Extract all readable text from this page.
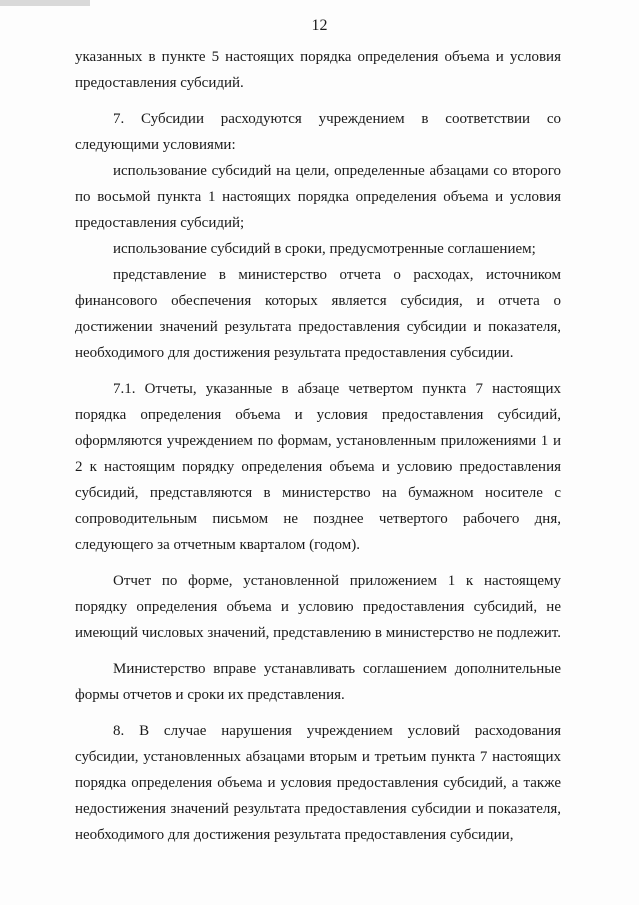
12

указанных в пункте 5 настоящих порядка определения объема и условия предоставления субсидий.

7. Субсидии расходуются учреждением в соответствии со следующими условиями:

использование субсидий на цели, определенные абзацами со второго по восьмой пункта 1 настоящих порядка определения объема и условия предоставления субсидий;

использование субсидий в сроки, предусмотренные соглашением;

представление в министерство отчета о расходах, источником финансового обеспечения которых является субсидия, и отчета о достижении значений результата предоставления субсидии и показателя, необходимого для достижения результата предоставления субсидии.

7.1. Отчеты, указанные в абзаце четвертом пункта 7 настоящих порядка определения объема и условия предоставления субсидий, оформляются учреждением по формам, установленным приложениями 1 и 2 к настоящим порядку определения объема и условию предоставления субсидий, представляются в министерство на бумажном носителе с сопроводительным письмом не позднее четвертого рабочего дня, следующего за отчетным кварталом (годом).

Отчет по форме, установленной приложением 1 к настоящему порядку определения объема и условию предоставления субсидий, не имеющий числовых значений, представлению в министерство не подлежит.

Министерство вправе устанавливать соглашением дополнительные формы отчетов и сроки их представления.

8. В случае нарушения учреждением условий расходования субсидии, установленных абзацами вторым и третьим пункта 7 настоящих порядка определения объема и условия предоставления субсидий, а также недостижения значений результата предоставления субсидии и показателя, необходимого для достижения результата предоставления субсидии,
